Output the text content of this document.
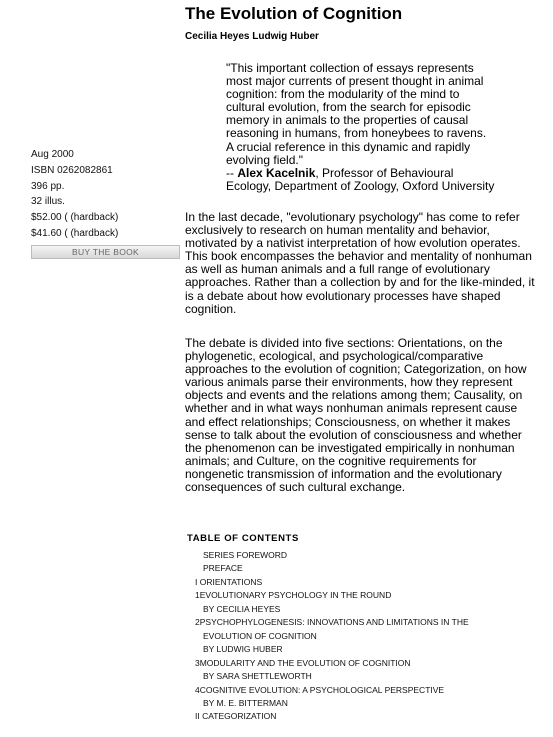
The Evolution of Cognition
Cecilia Heyes Ludwig Huber
"This important collection of essays represents
most major currents of present thought in animal
cognition: from the modularity of the mind to
cultural evolution, from the search for episodic
memory in animals to the properties of causal
reasoning in humans, from honeybees to ravens.
A crucial reference in this dynamic and rapidly
evolving field."
-- Alex Kacelnik, Professor of Behavioural
Ecology, Department of Zoology, Oxford University
Aug 2000
ISBN 0262082861
396 pp.
32 illus.
$52.00 ( (hardback)
$41.60 ( (hardback)
BUY THE BOOK
In the last decade, "evolutionary psychology" has come to refer
exclusively to research on human mentality and behavior,
motivated by a nativist interpretation of how evolution operates.
This book encompasses the behavior and mentality of nonhuman
as well as human animals and a full range of evolutionary
approaches. Rather than a collection by and for the like-minded, it
is a debate about how evolutionary processes have shaped
cognition.
The debate is divided into five sections: Orientations, on the
phylogenetic, ecological, and psychological/comparative
approaches to the evolution of cognition; Categorization, on how
various animals parse their environments, how they represent
objects and events and the relations among them; Causality, on
whether and in what ways nonhuman animals represent cause
and effect relationships; Consciousness, on whether it makes
sense to talk about the evolution of consciousness and whether
the phenomenon can be investigated empirically in nonhuman
animals; and Culture, on the cognitive requirements for
nongenetic transmission of information and the evolutionary
consequences of such cultural exchange.
TABLE OF CONTENTS
SERIES FOREWORD
PREFACE
I ORIENTATIONS
1EVOLUTIONARY PSYCHOLOGY IN THE ROUND
BY CECILIA HEYES
2PSYCHOPHYLOGENESIS: INNOVATIONS AND LIMITATIONS IN THE
EVOLUTION OF COGNITION
BY LUDWIG HUBER
3MODULARITY AND THE EVOLUTION OF COGNITION
BY SARA SHETTLEWORTH
4COGNITIVE EVOLUTION: A PSYCHOLOGICAL PERSPECTIVE
BY M. E. BITTERMAN
II CATEGORIZATION
